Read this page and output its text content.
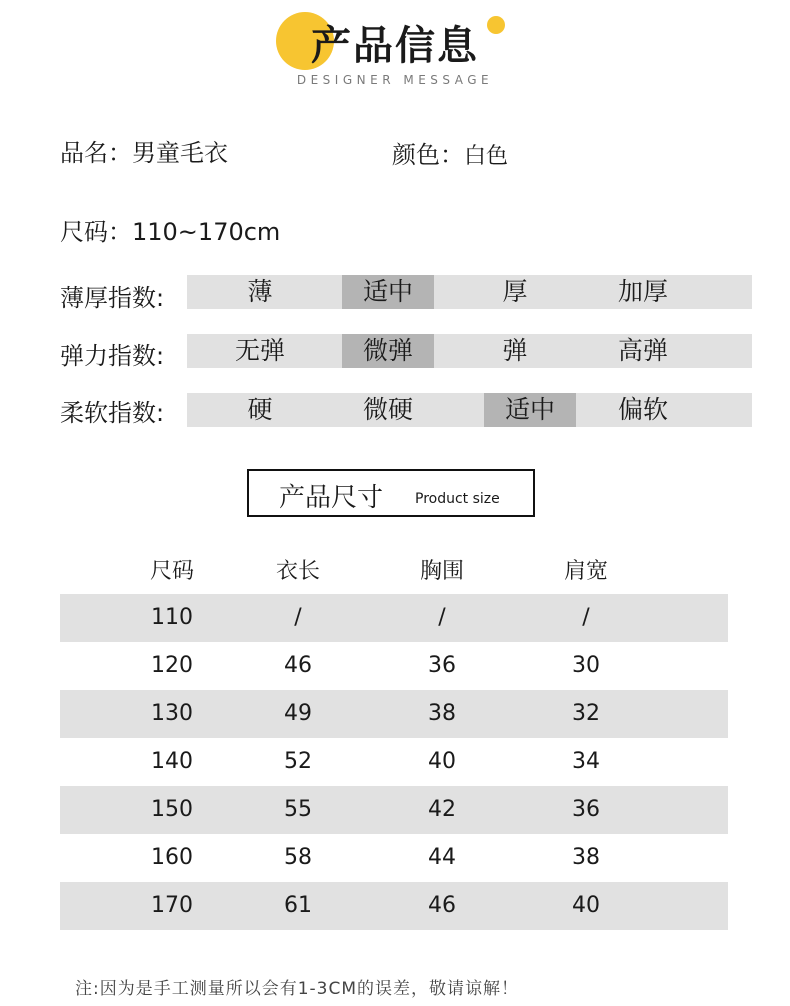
产品信息
DESIGNER MESSAGE
品名：男童毛衣	颜色：白色
尺码：110~170cm
薄厚指数:	薄	适中	厚	加厚
弹力指数:	无弹	微弹	弹	高弹
柔软指数:	硬	微硬	适中	偏软
产品尺寸 Product size
尺码	衣长	胸围	肩宽
110	/	/	/
120	46	36	30
130	49	38	32
140	52	40	34
150	55	42	36
160	58	44	38
170	61	46	40
注:因为是手工测量所以会有1-3CM的误差，敬请谅解！
